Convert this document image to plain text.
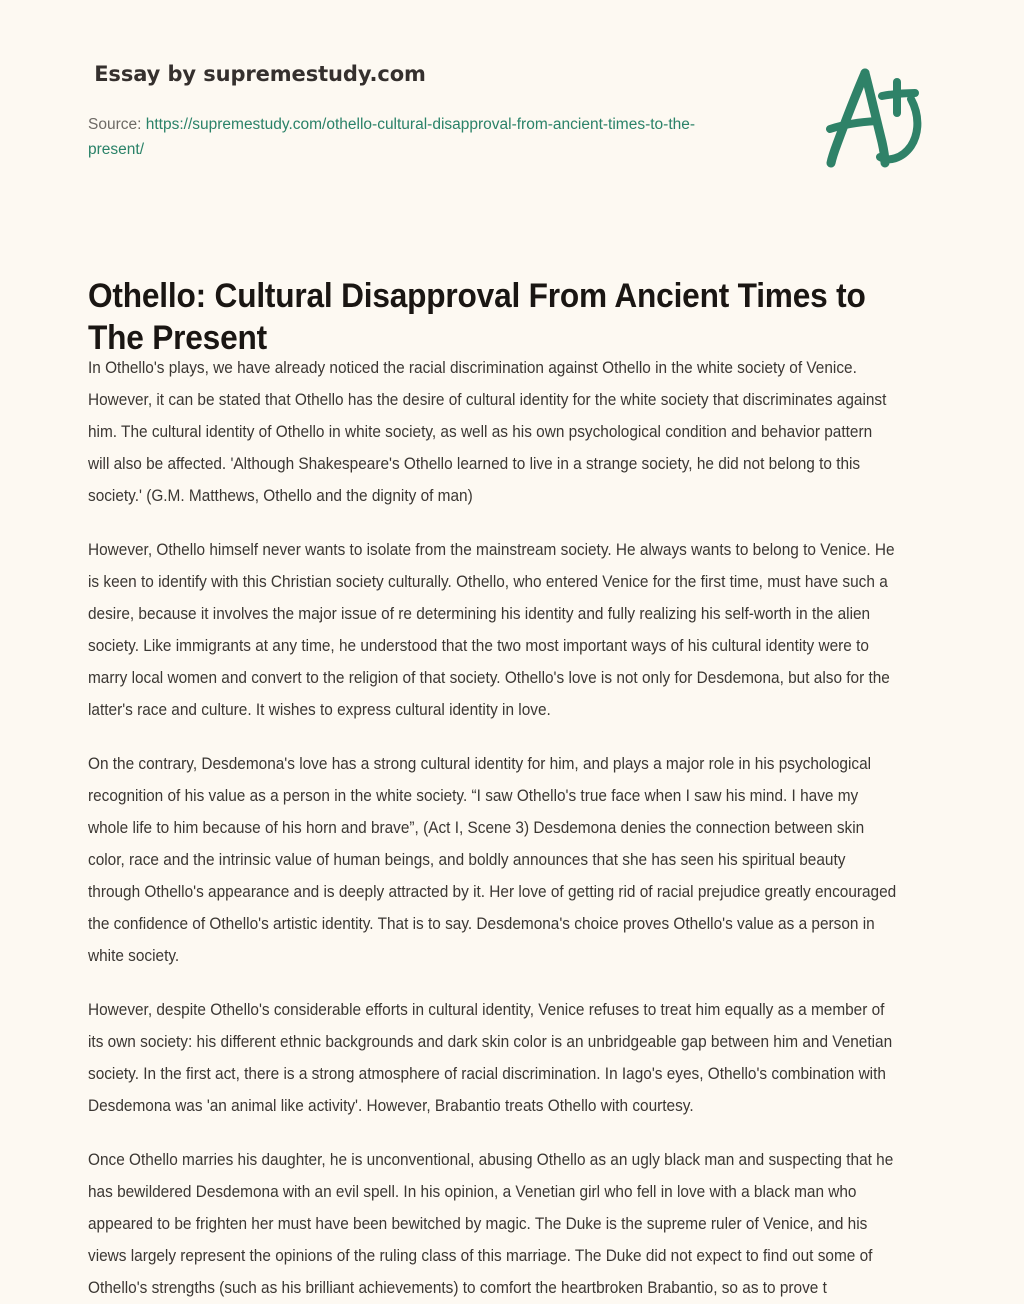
Essay by supremestudy.com
Source: https://supremestudy.com/othello-cultural-disapproval-from-ancient-times-to-the-present/
Othello: Cultural Disapproval From Ancient Times to The Present

In Othello's plays, we have already noticed the racial discrimination against Othello in the white society of Venice. However, it can be stated that Othello has the desire of cultural identity for the white society that discriminates against him. The cultural identity of Othello in white society, as well as his own psychological condition and behavior pattern will also be affected. 'Although Shakespeare's Othello learned to live in a strange society, he did not belong to this society.' (G.M. Matthews, Othello and the dignity of man)

However, Othello himself never wants to isolate from the mainstream society. He always wants to belong to Venice. He is keen to identify with this Christian society culturally. Othello, who entered Venice for the first time, must have such a desire, because it involves the major issue of re determining his identity and fully realizing his self-worth in the alien society. Like immigrants at any time, he understood that the two most important ways of his cultural identity were to marry local women and convert to the religion of that society. Othello's love is not only for Desdemona, but also for the latter's race and culture. It wishes to express cultural identity in love.

On the contrary, Desdemona's love has a strong cultural identity for him, and plays a major role in his psychological recognition of his value as a person in the white society. “I saw Othello's true face when I saw his mind. I have my whole life to him because of his horn and brave”, (Act I, Scene 3) Desdemona denies the connection between skin color, race and the intrinsic value of human beings, and boldly announces that she has seen his spiritual beauty through Othello's appearance and is deeply attracted by it. Her love of getting rid of racial prejudice greatly encouraged the confidence of Othello's artistic identity. That is to say. Desdemona's choice proves Othello's value as a person in white society.

However, despite Othello's considerable efforts in cultural identity, Venice refuses to treat him equally as a member of its own society: his different ethnic backgrounds and dark skin color is an unbridgeable gap between him and Venetian society. In the first act, there is a strong atmosphere of racial discrimination. In Iago's eyes, Othello's combination with Desdemona was 'an animal like activity'. However, Brabantio treats Othello with courtesy.

Once Othello marries his daughter, he is unconventional, abusing Othello as an ugly black man and suspecting that he has bewildered Desdemona with an evil spell. In his opinion, a Venetian girl who fell in love with a black man who appeared to be frighten her must have been bewitched by magic. The Duke is the supreme ruler of Venice, and his views largely represent the opinions of the ruling class of this marriage. The Duke did not expect to find out some of Othello's strengths (such as his brilliant achievements) to comfort the heartbroken Brabantio, so as to prove t
